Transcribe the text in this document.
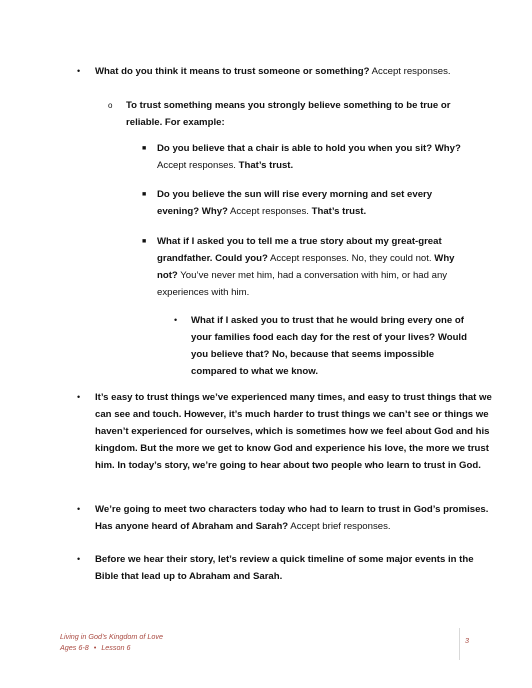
• What do you think it means to trust someone or something? Accept responses.
o To trust something means you strongly believe something to be true or reliable. For example:
■ Do you believe that a chair is able to hold you when you sit? Why? Accept responses. That’s trust.
■ Do you believe the sun will rise every morning and set every evening? Why? Accept responses. That’s trust.
■ What if I asked you to tell me a true story about my great-great grandfather. Could you? Accept responses. No, they could not. Why not? You’ve never met him, had a conversation with him, or had any experiences with him.
• What if I asked you to trust that he would bring every one of your families food each day for the rest of your lives? Would you believe that? No, because that seems impossible compared to what we know.
• It’s easy to trust things we’ve experienced many times, and easy to trust things that we can see and touch. However, it’s much harder to trust things we can’t see or things we haven’t experienced for ourselves, which is sometimes how we feel about God and his kingdom. But the more we get to know God and experience his love, the more we trust him. In today’s story, we’re going to hear about two people who learn to trust in God.
• We’re going to meet two characters today who had to learn to trust in God’s promises. Has anyone heard of Abraham and Sarah? Accept brief responses.
• Before we hear their story, let’s review a quick timeline of some major events in the Bible that lead up to Abraham and Sarah.
Living in God’s Kingdom of Love
Ages 6-8 • Lesson 6
3
